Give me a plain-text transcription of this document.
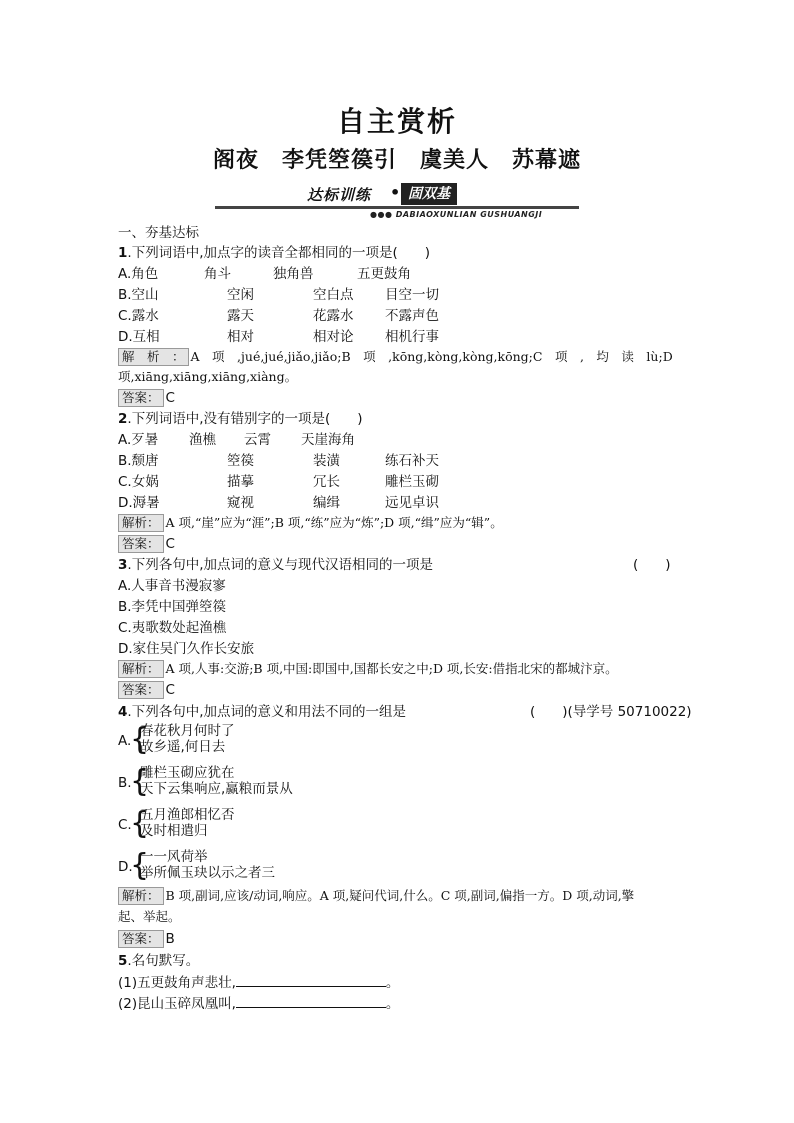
自主赏析
阁夜　李凭箜篌引　虞美人　苏幕遮
达标训练 • 固双基
●●● DABIAOXUNLIAN GUSHUANGJI
一、夯基达标
1.下列词语中,加点字的读音全都相同的一项是(　　)
A.角色	角斗	独角兽	五更鼓角
B.空山	空闲	空白点 目空一切
C.露水	露天	花露水 不露声色
D.互相	相对	相对论 相机行事
解　析　： A　项　,jué,jué,jiǎo,jiǎo;B　项　,kōng,kòng,kòng,kōng;C　项　,　均　读　lù;D
项,xiāng,xiāng,xiāng,xiàng。
答案： C
2.下列词语中,没有错别字的一项是(　　)
A.歹暑 渔樵 云霄 天崖海角
B.颓唐	箜篌	装潢	练石补天
C.女娲	描摹	冗长	雕栏玉砌
D.溽暑	窥视	编缉	远见卓识
解析： A 项,“崖”应为“涯”;B 项,“练”应为“炼”;D 项,“缉”应为“辑”。
答案： C
3.下列各句中,加点词的意义与现代汉语相同的一项是	(　　)
A.人事音书漫寂寥
B.李凭中国弹箜篌
C.夷歌数处起渔樵
D.家住吴门久作长安旅
解析： A 项,人事:交游;B 项,中国:即国中,国都长安之中;D 项,长安:借指北宋的都城汴京。
答案： C
4.下列各句中,加点词的意义和用法不同的一组是	(　　)(导学号 50710022)
A.
{
春花秋月何时了
故乡遥,何日去
B.
{
雕栏玉砌应犹在
天下云集响应,赢粮而景从
C.
{
五月渔郎相忆否
及时相遣归
D.
{
一一风荷举
举所佩玉玦以示之者三
解析： B 项,副词,应该/动词,响应。A 项,疑问代词,什么。C 项,副词,偏指一方。D 项,动词,擎
起、举起。
答案： B
5.名句默写。
(1)五更鼓角声悲壮,	。
(2)昆山玉碎凤凰叫,	。
